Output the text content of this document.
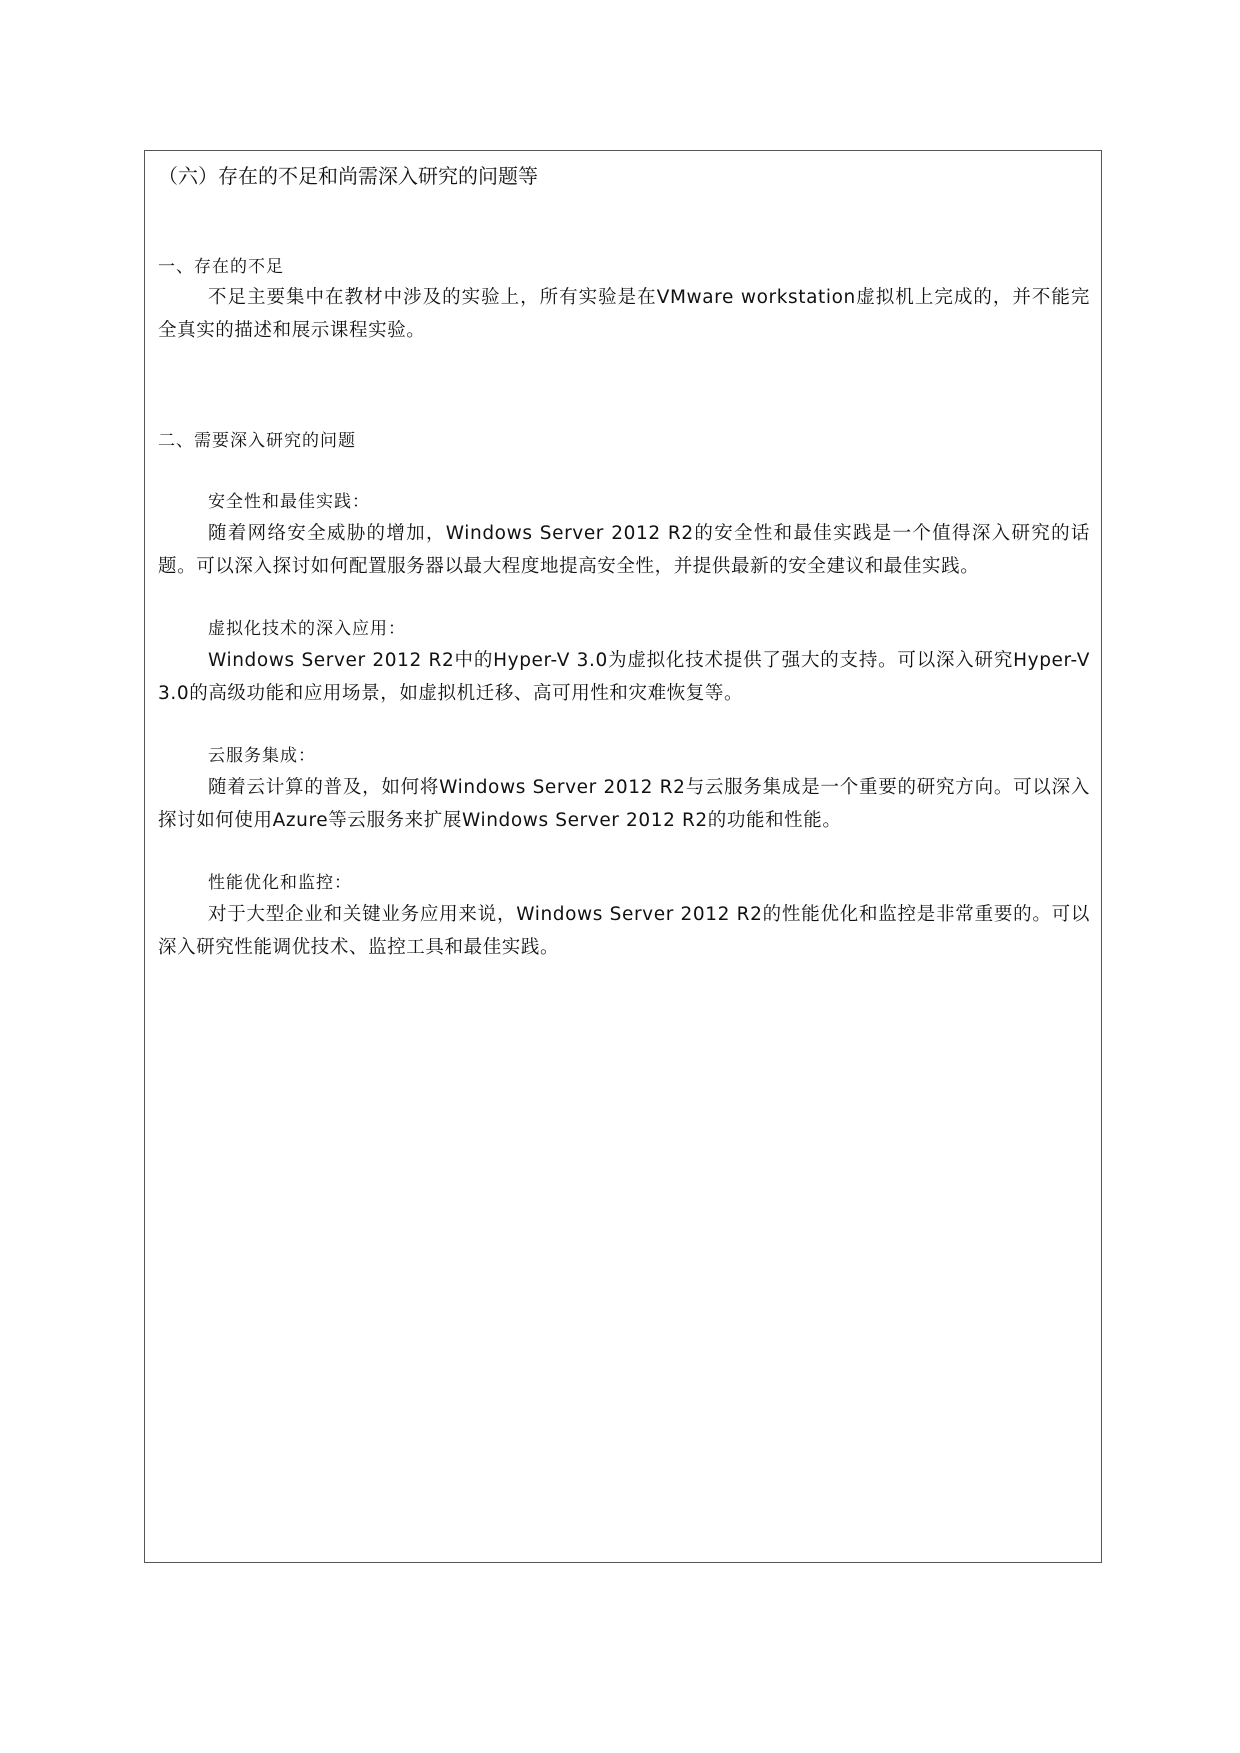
（六）存在的不足和尚需深入研究的问题等

一、存在的不足

不足主要集中在教材中涉及的实验上，所有实验是在VMware workstation虚拟机上完成的，并不能完全真实的描述和展示课程实验。

二、需要深入研究的问题

安全性和最佳实践：

随着网络安全威胁的增加，Windows Server 2012 R2的安全性和最佳实践是一个值得深入研究的话题。可以深入探讨如何配置服务器以最大程度地提高安全性，并提供最新的安全建议和最佳实践。

虚拟化技术的深入应用：

Windows Server 2012 R2中的Hyper-V 3.0为虚拟化技术提供了强大的支持。可以深入研究Hyper-V 3.0的高级功能和应用场景，如虚拟机迁移、高可用性和灾难恢复等。

云服务集成：

随着云计算的普及，如何将Windows Server 2012 R2与云服务集成是一个重要的研究方向。可以深入探讨如何使用Azure等云服务来扩展Windows Server 2012 R2的功能和性能。

性能优化和监控：

对于大型企业和关键业务应用来说，Windows Server 2012 R2的性能优化和监控是非常重要的。可以深入研究性能调优技术、监控工具和最佳实践。
